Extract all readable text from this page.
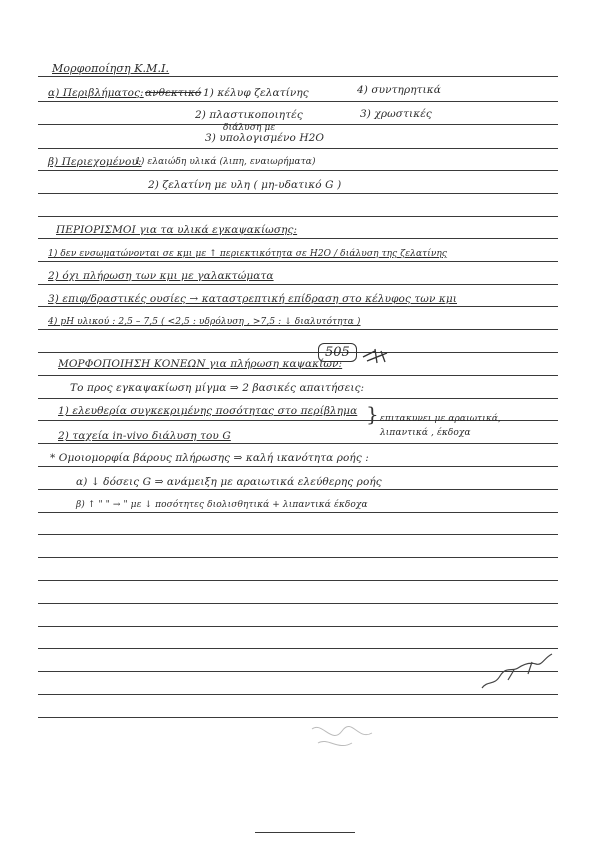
Μορφοποίηση Κ.Μ.Ι.
α) Περιβλήματος: ανθεκτικό 1) κέλυφ ζελατίνης	4) συντηρητικά
2) πλαστικοποιητές	3) χρωστικές
διάλυση με
3) υπολογισμένο H2O
β) Περιεχομένου:
1) ελαιώδη υλικά (λιπη, εναιωρήματα)
2) ζελατίνη με υλη ( μη-υδατικό G )
ΠΕΡΙΟΡΙΣΜΟΙ για τα υλικά εγκαψακίωσης:
1) δεν ενσωματώνονται σε κμι με ↑ περιεκτικότητα σε H2O / διάλυση της ζελατίνης
2) όχι πλήρωση των κμι με γαλακτώματα
3) επιφ/δραστικές ουσίες → καταστρεπτική επίδραση στο κέλυφος των κμι
4) pH υλικού : 2,5 – 7,5 ( <2,5 : υδρόλυση , >7,5 : ↓ διαλυτότητα )
ΜΟΡΦΟΠΟΙΗΣΗ ΚΟΝΕΩΝ για πλήρωση καψακίων:
505
Το προς εγκαψακίωση μίγμα ⇒ 2 βασικές απαιτήσεις:
1) ελευθερία συγκεκριμένης ποσότητας στο περίβλημα
2) ταχεία in-vivo διάλυση του G
} επιτακυνει με αραιωτικά,
λιπαντικά , έκδοχα
* Ομοιομορφία βάρους πλήρωσης ⇒ καλή ικανότητα ροής :
α) ↓ δόσεις G ⇒ ανάμειξη με αραιωτικά ελεύθερης ροής
β) ↑ " " → " με ↓ ποσότητες διολισθητικά + λιπαντικά έκδοχα
